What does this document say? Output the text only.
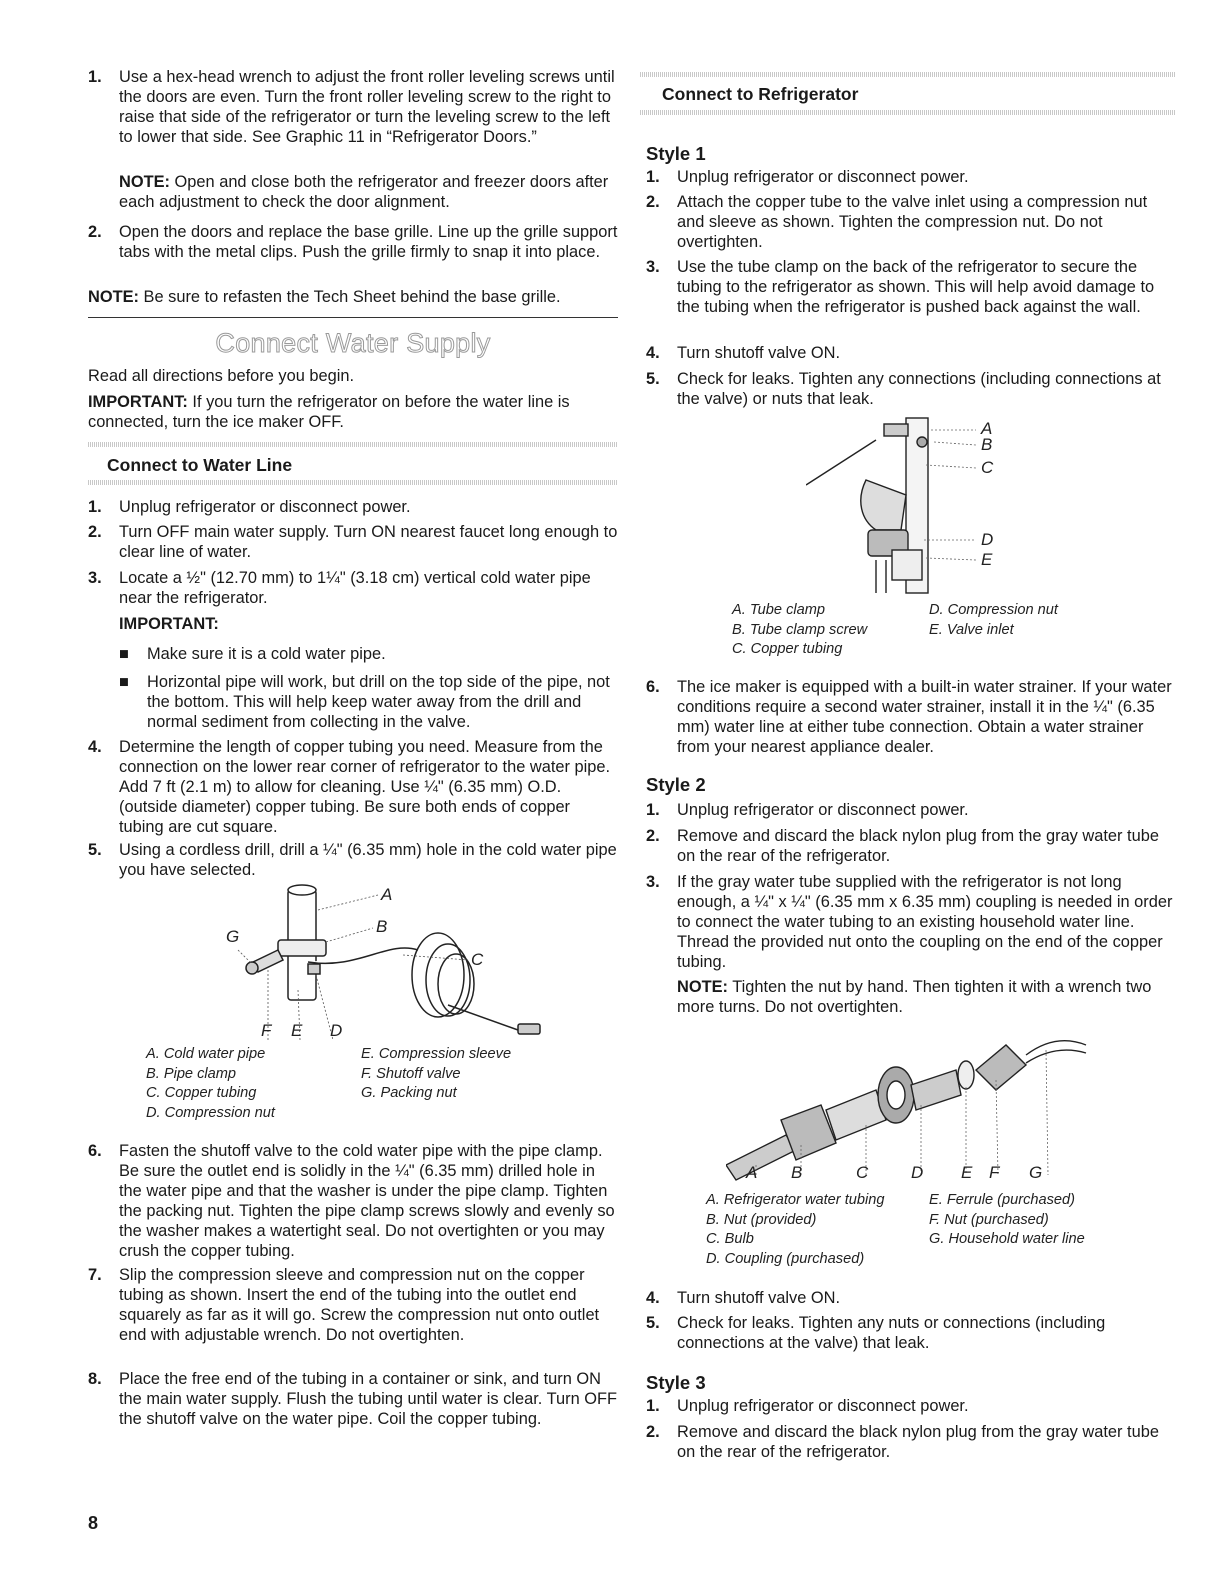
1. Use a hex-head wrench to adjust the front roller leveling screws until the doors are even. Turn the front roller leveling screw to the right to raise that side of the refrigerator or turn the leveling screw to the left to lower that side. See Graphic 11 in “Refrigerator Doors.”
NOTE: Open and close both the refrigerator and freezer doors after each adjustment to check the door alignment.
2. Open the doors and replace the base grille. Line up the grille support tabs with the metal clips. Push the grille firmly to snap it into place.
NOTE: Be sure to refasten the Tech Sheet behind the base grille.
Connect Water Supply
Read all directions before you begin.
IMPORTANT: If you turn the refrigerator on before the water line is connected, turn the ice maker OFF.
Connect to Water Line
1. Unplug refrigerator or disconnect power.
2. Turn OFF main water supply. Turn ON nearest faucet long enough to clear line of water.
3. Locate a ½" (12.70 mm) to 1¼" (3.18 cm) vertical cold water pipe near the refrigerator.
IMPORTANT:
■ Make sure it is a cold water pipe.
■ Horizontal pipe will work, but drill on the top side of the pipe, not the bottom. This will help keep water away from the drill and normal sediment from collecting in the valve.
4. Determine the length of copper tubing you need. Measure from the connection on the lower rear corner of refrigerator to the water pipe. Add 7 ft (2.1 m) to allow for cleaning. Use ¼" (6.35 mm) O.D. (outside diameter) copper tubing. Be sure both ends of copper tubing are cut square.
5. Using a cordless drill, drill a ¼" (6.35 mm) hole in the cold water pipe you have selected.
A
B
C
G
F E D
A. Cold water pipe
B. Pipe clamp
C. Copper tubing
D. Compression nut
E. Compression sleeve
F. Shutoff valve
G. Packing nut
6. Fasten the shutoff valve to the cold water pipe with the pipe clamp. Be sure the outlet end is solidly in the ¼" (6.35 mm) drilled hole in the water pipe and that the washer is under the pipe clamp. Tighten the packing nut. Tighten the pipe clamp screws slowly and evenly so the washer makes a watertight seal. Do not overtighten or you may crush the copper tubing.
7. Slip the compression sleeve and compression nut on the copper tubing as shown. Insert the end of the tubing into the outlet end squarely as far as it will go. Screw the compression nut onto outlet end with adjustable wrench. Do not overtighten.
8. Place the free end of the tubing in a container or sink, and turn ON the main water supply. Flush the tubing until water is clear. Turn OFF the shutoff valve on the water pipe. Coil the copper tubing.
8
Connect to Refrigerator
Style 1
1. Unplug refrigerator or disconnect power.
2. Attach the copper tube to the valve inlet using a compression nut and sleeve as shown. Tighten the compression nut. Do not overtighten.
3. Use the tube clamp on the back of the refrigerator to secure the tubing to the refrigerator as shown. This will help avoid damage to the tubing when the refrigerator is pushed back against the wall.
4. Turn shutoff valve ON.
5. Check for leaks. Tighten any connections (including connections at the valve) or nuts that leak.
A
B
C
D
E
A. Tube clamp
B. Tube clamp screw
C. Copper tubing
D. Compression nut
E. Valve inlet
6. The ice maker is equipped with a built-in water strainer. If your water conditions require a second water strainer, install it in the ¼" (6.35 mm) water line at either tube connection. Obtain a water strainer from your nearest appliance dealer.
Style 2
1. Unplug refrigerator or disconnect power.
2. Remove and discard the black nylon plug from the gray water tube on the rear of the refrigerator.
3. If the gray water tube supplied with the refrigerator is not long enough, a ¼" x ¼" (6.35 mm x 6.35 mm) coupling is needed in order to connect the water tubing to an existing household water line. Thread the provided nut onto the coupling on the end of the copper tubing.
NOTE: Tighten the nut by hand. Then tighten it with a wrench two more turns. Do not overtighten.
A B	C	D E F G
A. Refrigerator water tubing
B. Nut (provided)
C. Bulb
D. Coupling (purchased)
E. Ferrule (purchased)
F. Nut (purchased)
G. Household water line
4. Turn shutoff valve ON.
5. Check for leaks. Tighten any nuts or connections (including connections at the valve) that leak.
Style 3
1. Unplug refrigerator or disconnect power.
2. Remove and discard the black nylon plug from the gray water tube on the rear of the refrigerator.
